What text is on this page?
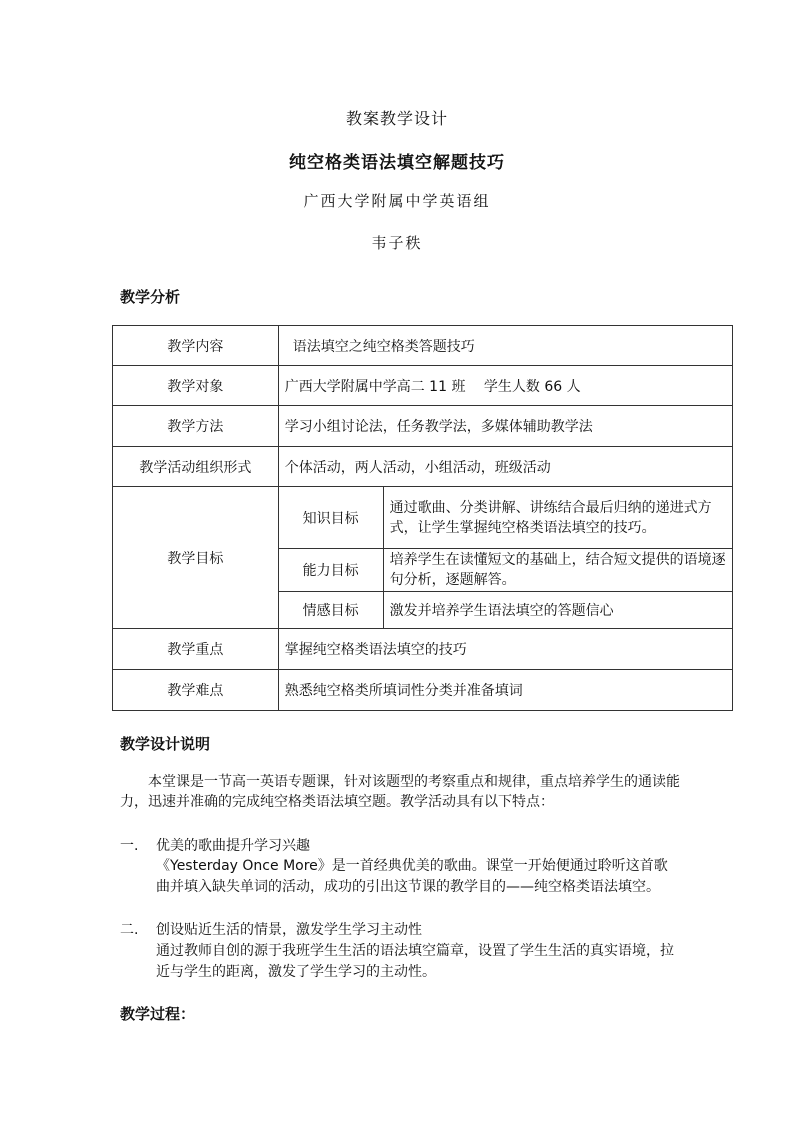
教案教学设计
纯空格类语法填空解题技巧
广西大学附属中学英语组
韦子秩
教学分析
教学内容	语法填空之纯空格类答题技巧	
教学对象	广西大学附属中学高二 11 班　 学生人数 66 人	
教学方法	学习小组讨论法，任务教学法，多媒体辅助教学法	
教学活动组织形式	个体活动，两人活动，小组活动，班级活动	
教学目标	知识目标	通过歌曲、分类讲解、讲练结合最后归纳的递进式方式，让学生掌握纯空格类语法填空的技巧。
	能力目标	培养学生在读懂短文的基础上，结合短文提供的语境逐句分析，逐题解答。
	情感目标	激发并培养学生语法填空的答题信心
教学重点	掌握纯空格类语法填空的技巧	
教学难点	熟悉纯空格类所填词性分类并准备填词	
教学设计说明
本堂课是一节高一英语专题课，针对该题型的考察重点和规律，重点培养学生的通读能力，迅速并准确的完成纯空格类语法填空题。教学活动具有以下特点：
一. 优美的歌曲提升学习兴趣
《Yesterday Once More》是一首经典优美的歌曲。课堂一开始便通过聆听这首歌曲并填入缺失单词的活动，成功的引出这节课的教学目的——纯空格类语法填空。
二. 创设贴近生活的情景，激发学生学习主动性
通过教师自创的源于我班学生生活的语法填空篇章，设置了学生生活的真实语境，拉近与学生的距离，激发了学生学习的主动性。
教学过程：
